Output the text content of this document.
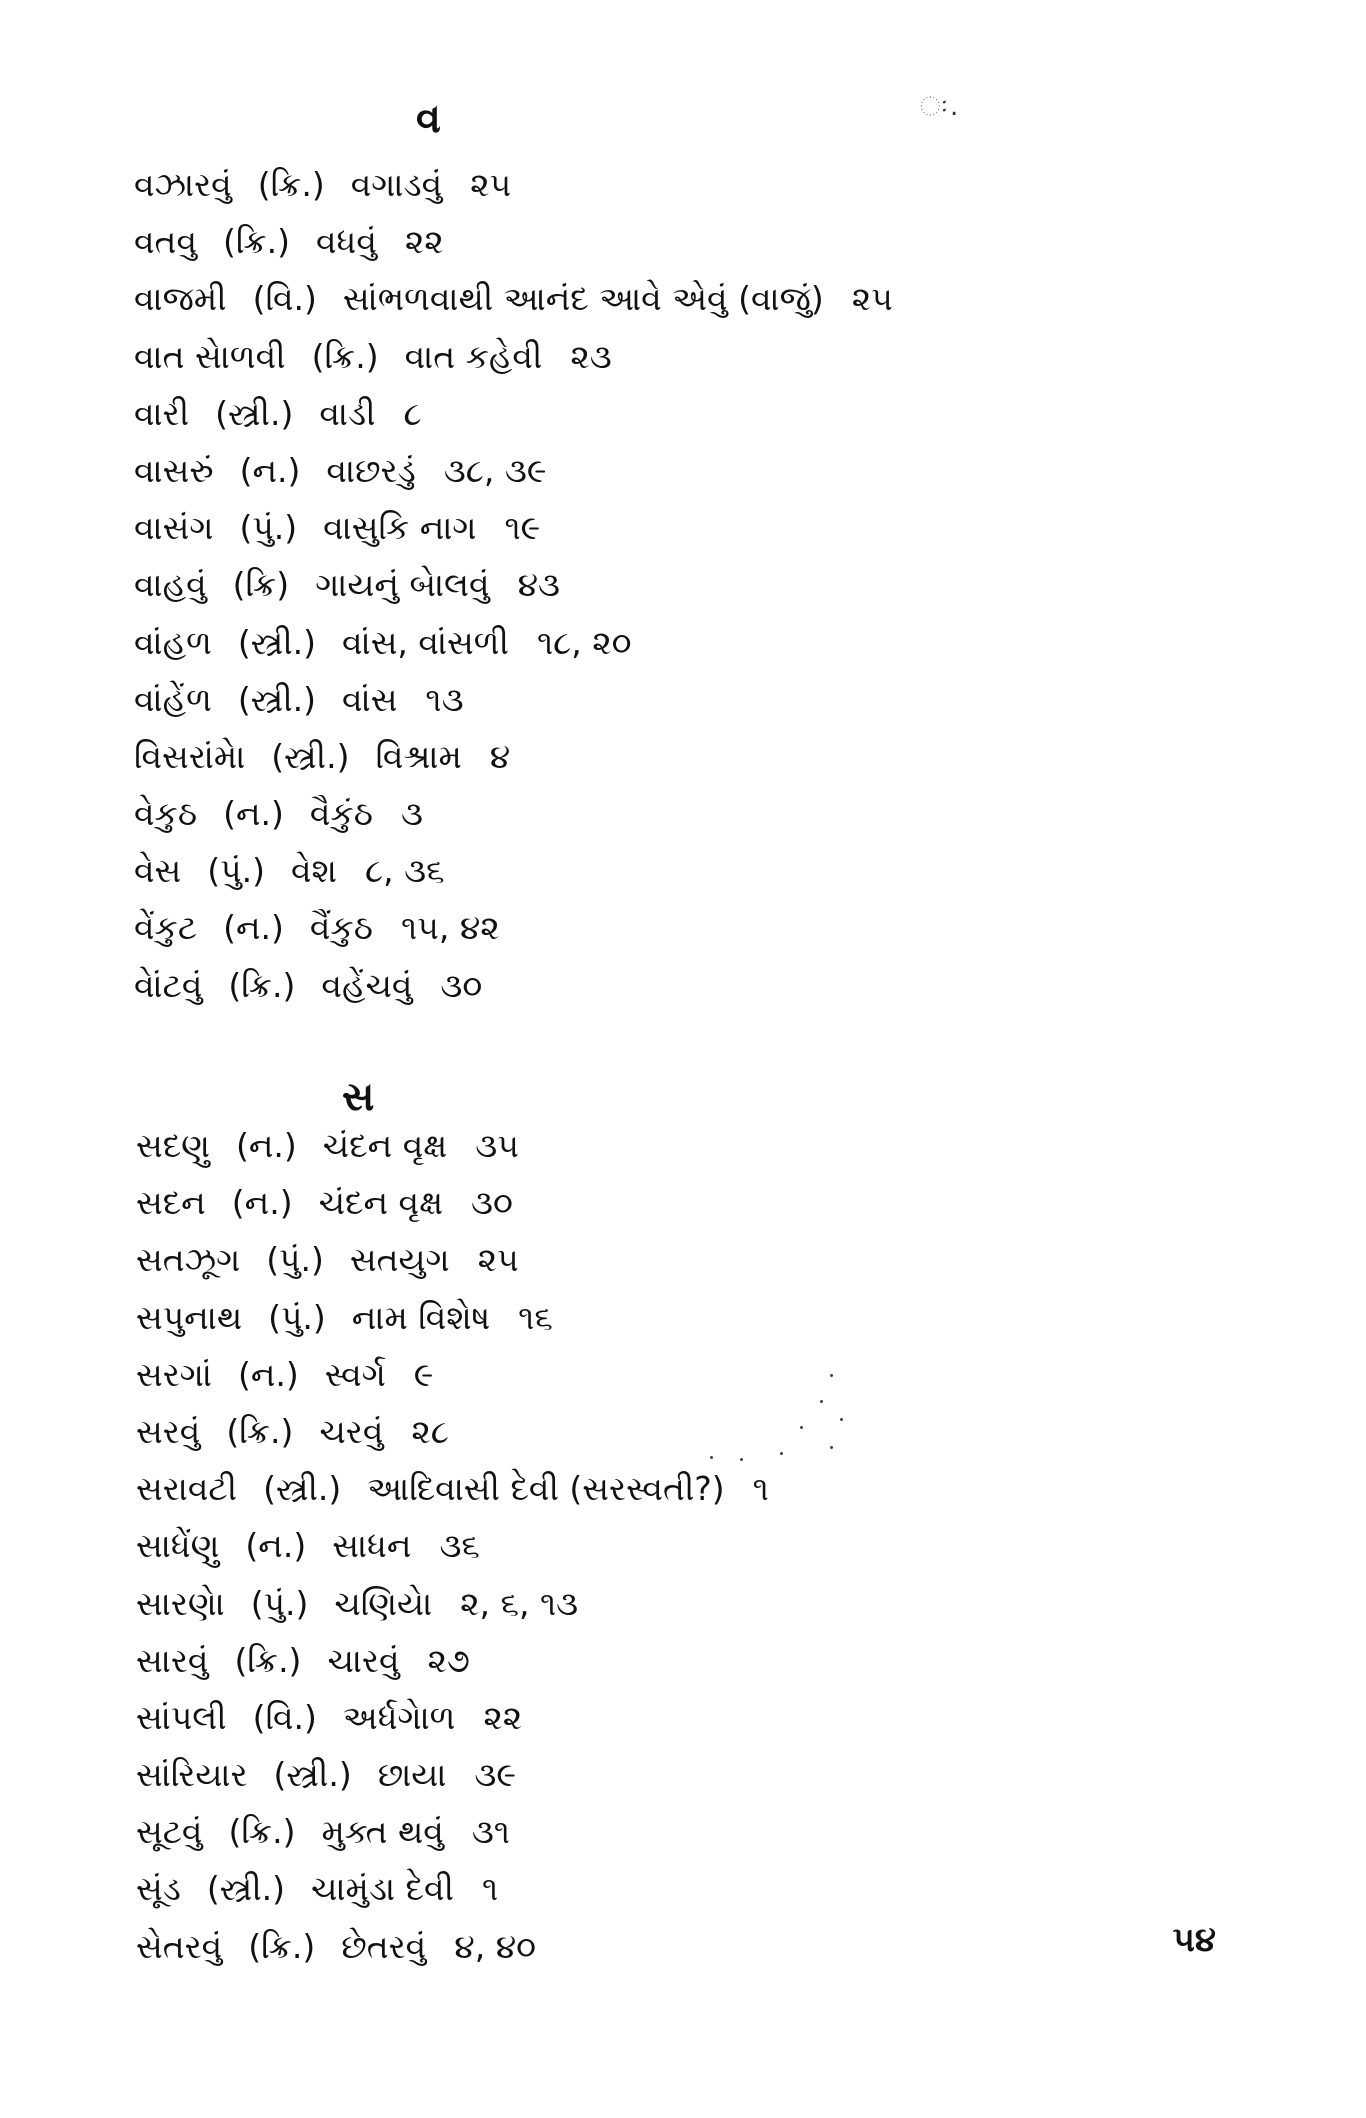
ઃ.
વ
વઝારવું (ક્રિ.) વગાડવું ૨૫
વતવુ (ક્રિ.) વધવું ૨૨
વાજમી (વિ.) સાંભળવાથી આનંદ આવે એવું (વાજું) ૨૫
વાત સેાળવી (ક્રિ.) વાત કહેવી ૨૩
વારી (સ્ત્રી.) વાડી ૮
વાસરું (ન.) વાછરડું ૩૮, ૩૯
વાસંગ (પું.) વાસુકિ નાગ ૧૯
વાહવું (ક્રિ) ગાયનું બેાલવું ૪૩
વાંહળ (સ્ત્રી.) વાંસ, વાંસળી ૧૮, ૨૦
વાંહેંળ (સ્ત્રી.) વાંસ ૧૩
વિસરાંમેા (સ્ત્રી.) વિશ્રામ ૪
વેકુઠ (ન.) વૈકુંઠ ૩
વેસ (પું.) વેશ ૮, ૩૬
વેંકુટ (ન.) વૈંકુઠ ૧૫, ૪૨
વેાંટવું (ક્રિ.) વહેંચવું ૩૦
સ
સદણુ (ન.) ચંદન વૃક્ષ ૩૫
સદન (ન.) ચંદન વૃક્ષ ૩૦
સતઝૂગ (પું.) સતયુગ ૨૫
સપુનાથ (પું.) નામ વિશેષ ૧૬
સરગાં (ન.) સ્વર્ગ ૯
સરવું (ક્રિ.) ચરવું ૨૮
સરાવટી (સ્ત્રી.) આદિવાસી દેવી (સરસ્વતી?) ૧
સાધેંણુ (ન.) સાધન ૩૬
સારણેા (પું.) ચણિયેા ૨, ૬, ૧૩
સારવું (ક્રિ.) ચારવું ૨૭
સાંપલી (વિ.) અર્ધગાેળ ૨૨
સાંરિયાર (સ્ત્રી.) છાયા ૩૯
સૂટવું (ક્રિ.) મુક્ત થવું ૩૧
સૂંડ (સ્ત્રી.) ચામુંડા દેવી ૧
સેતરવું (ક્રિ.) છેતરવું ૪, ૪૦	૫૪
